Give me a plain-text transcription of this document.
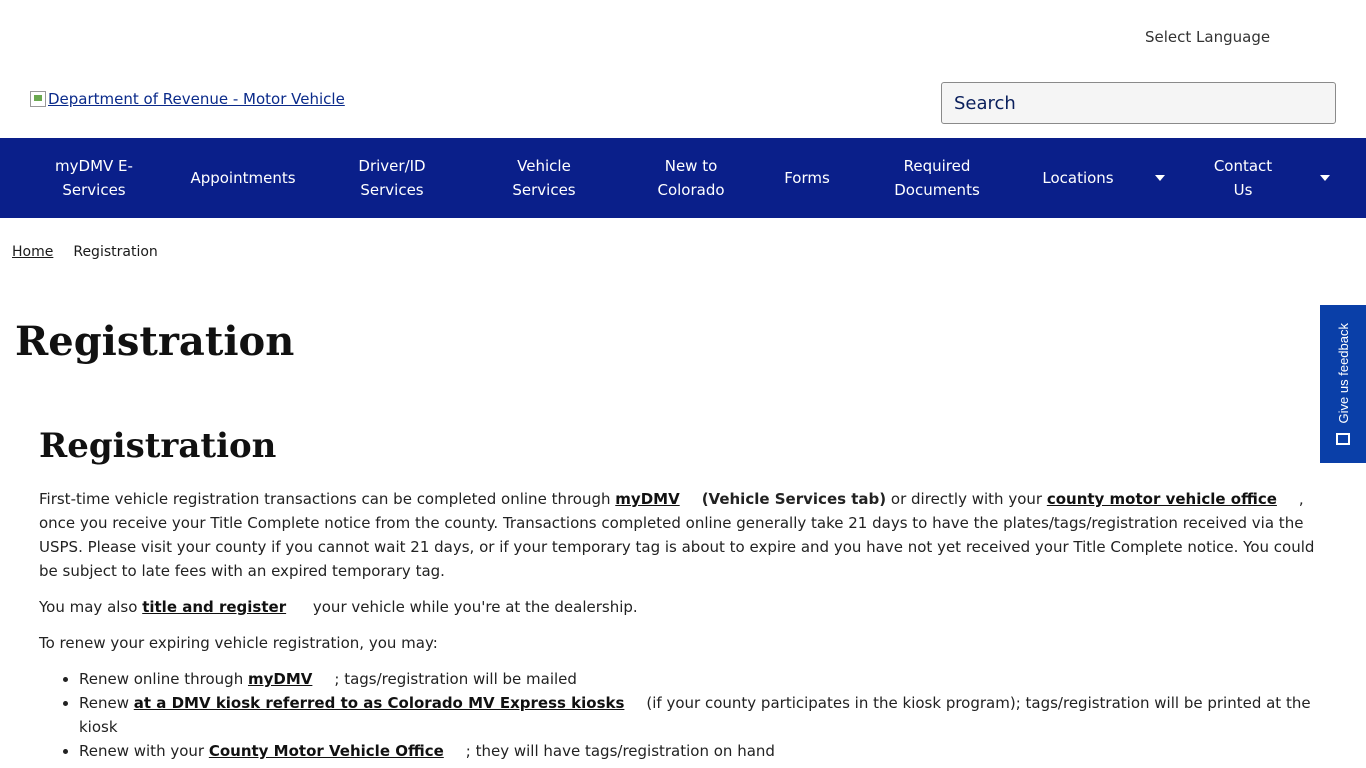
Select Language
Department of Revenue - Motor Vehicle	Search
myDMV E-Services
Appointments
Driver/ID Services
Vehicle Services
New to Colorado
Forms
Required Documents
Locations
Contact Us
Home Registration
Registration
Registration

First-time vehicle registration transactions can be completed online through myDMV (Vehicle Services tab) or directly with your county motor vehicle office , once you receive your Title Complete notice from the county. Transactions completed online generally take 21 days to have the plates/tags/registration received via the USPS. Please visit your county if you cannot wait 21 days, or if your temporary tag is about to expire and you have not yet received your Title Complete notice. You could be subject to late fees with an expired temporary tag.

You may also title and register your vehicle while you're at the dealership.

To renew your expiring vehicle registration, you may:

• Renew online through myDMV ; tags/registration will be mailed
• Renew at a DMV kiosk referred to as Colorado MV Express kiosks (if your county participates in the kiosk program); tags/registration will be printed at the kiosk
• Renew with your County Motor Vehicle Office ; they will have tags/registration on hand
Give us feedback
